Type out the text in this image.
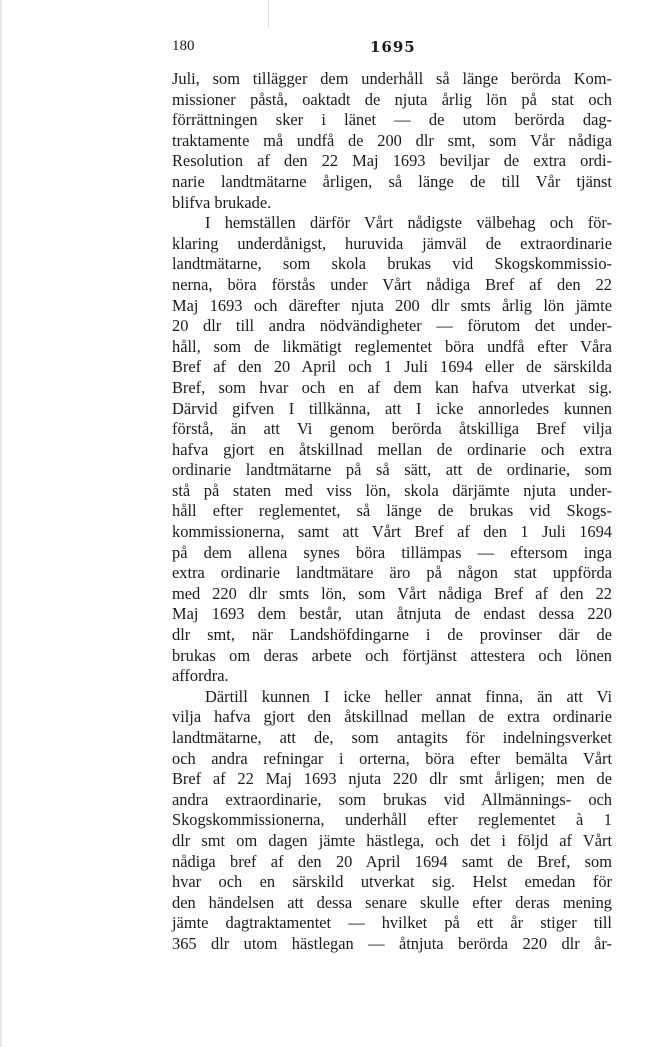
180	1695
Juli, som tillägger dem underhåll så länge berörda Kom-
missioner påstå, oaktadt de njuta årlig lön på stat och
förrättningen sker i länet — de utom berörda dag-
traktamente må undfå de 200 dlr smt, som Vår nådiga
Resolution af den 22 Maj 1693 beviljar de extra ordi-
narie landtmätarne årligen, så länge de till Vår tjänst
blifva brukade.
I hemställen därför Vårt nådigste välbehag och för-
klaring underdånigst, huruvida jämväl de extraordinarie
landtmätarne, som skola brukas vid Skogskommissio-
nerna, böra förstås under Vårt nådiga Bref af den 22
Maj 1693 och därefter njuta 200 dlr smts årlig lön jämte
20 dlr till andra nödvändigheter — förutom det under-
håll, som de likmätigt reglementet böra undfå efter Våra
Bref af den 20 April och 1 Juli 1694 eller de särskilda
Bref, som hvar och en af dem kan hafva utverkat sig.
Därvid gifven I tillkänna, att I icke annorledes kunnen
förstå, än att Vi genom berörda åtskilliga Bref vilja
hafva gjort en åtskillnad mellan de ordinarie och extra
ordinarie landtmätarne på så sätt, att de ordinarie, som
stå på staten med viss lön, skola därjämte njuta under-
håll efter reglementet, så länge de brukas vid Skogs-
kommissionerna, samt att Vårt Bref af den 1 Juli 1694
på dem allena synes böra tillämpas — eftersom inga
extra ordinarie landtmätare äro på någon stat uppförda
med 220 dlr smts lön, som Vårt nådiga Bref af den 22
Maj 1693 dem består, utan åtnjuta de endast dessa 220
dlr smt, när Landshöfdingarne i de provinser där de
brukas om deras arbete och förtjänst attestera och lönen
affordra.
Därtill kunnen I icke heller annat finna, än att Vi
vilja hafva gjort den åtskillnad mellan de extra ordinarie
landtmätarne, att de, som antagits för indelningsverket
och andra refningar i orterna, böra efter bemälta Vårt
Bref af 22 Maj 1693 njuta 220 dlr smt årligen; men de
andra extraordinarie, som brukas vid Allmännings- och
Skogskommissionerna, underhåll efter reglementet à 1
dlr smt om dagen jämte hästlega, och det i följd af Vårt
nådiga bref af den 20 April 1694 samt de Bref, som
hvar och en särskild utverkat sig. Helst emedan för
den händelsen att dessa senare skulle efter deras mening
jämte dagtraktamentet — hvilket på ett år stiger till
365 dlr utom hästlegan — åtnjuta berörda 220 dlr år-
